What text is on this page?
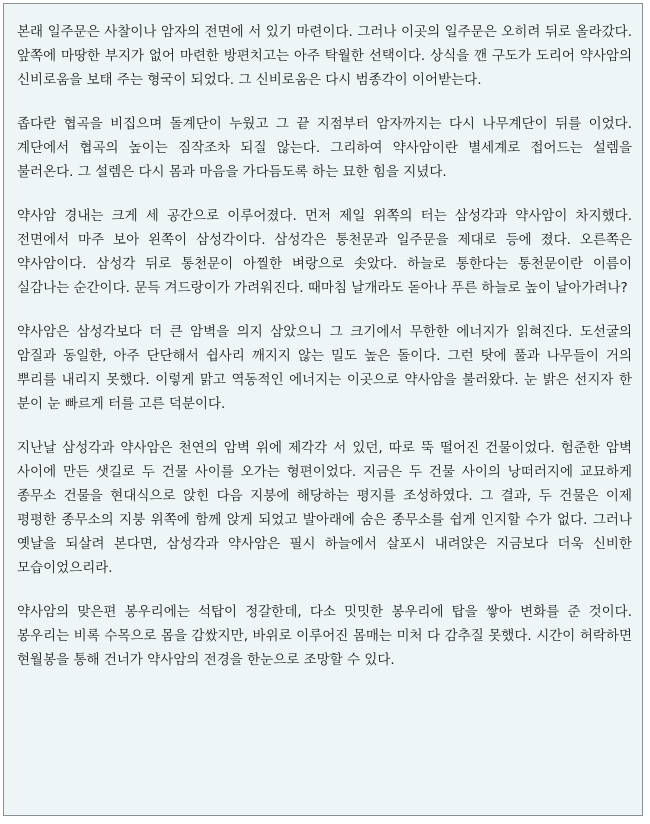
본래 일주문은 사찰이나 암자의 전면에 서 있기 마련이다. 그러나 이곳의 일주문은 오히려 뒤로 올라갔다. 앞쪽에 마땅한 부지가 없어 마련한 방편치고는 아주 탁월한 선택이다. 상식을 깬 구도가 도리어 약사암의 신비로움을 보태 주는 형국이 되었다. 그 신비로움은 다시 범종각이 이어받는다.

좁다란 협곡을 비집으며 돌계단이 누웠고 그 끝 지점부터 암자까지는 다시 나무계단이 뒤를 이었다. 계단에서 협곡의 높이는 짐작조차 되질 않는다. 그리하여 약사암이란 별세계로 접어드는 설렘을 불러온다. 그 설렘은 다시 몸과 마음을 가다듬도록 하는 묘한 힘을 지녔다.

약사암 경내는 크게 세 공간으로 이루어졌다. 먼저 제일 위쪽의 터는 삼성각과 약사암이 차지했다. 전면에서 마주 보아 왼쪽이 삼성각이다. 삼성각은 통천문과 일주문을 제대로 등에 졌다. 오른쪽은 약사암이다. 삼성각 뒤로 통천문이 아찔한 벼랑으로 솟았다. 하늘로 통한다는 통천문이란 이름이 실감나는 순간이다. 문득 겨드랑이가 가려워진다. 때마침 날개라도 돋아나 푸른 하늘로 높이 날아가려나?

약사암은 삼성각보다 더 큰 암벽을 의지 삼았으니 그 크기에서 무한한 에너지가 읽혀진다. 도선굴의 암질과 동일한, 아주 단단해서 쉽사리 깨지지 않는 밀도 높은 돌이다. 그런 탓에 풀과 나무들이 거의 뿌리를 내리지 못했다. 이렇게 맑고 역동적인 에너지는 이곳으로 약사암을 불러왔다. 눈 밝은 선지자 한 분이 눈 빠르게 터를 고른 덕분이다.

지난날 삼성각과 약사암은 천연의 암벽 위에 제각각 서 있던, 따로 뚝 떨어진 건물이었다. 험준한 암벽 사이에 만든 샛길로 두 건물 사이를 오가는 형편이었다. 지금은 두 건물 사이의 낭떠러지에 교묘하게 종무소 건물을 현대식으로 앉힌 다음 지붕에 해당하는 평지를 조성하였다. 그 결과, 두 건물은 이제 평평한 종무소의 지붕 위쪽에 함께 앉게 되었고 발아래에 숨은 종무소를 쉽게 인지할 수가 없다. 그러나 옛날을 되살려 본다면, 삼성각과 약사암은 필시 하늘에서 살포시 내려앉은 지금보다 더욱 신비한 모습이었으리라.

약사암의 맞은편 봉우리에는 석탑이 정갈한데, 다소 밋밋한 봉우리에 탑을 쌓아 변화를 준 것이다. 봉우리는 비록 수목으로 몸을 감쌌지만, 바위로 이루어진 몸매는 미처 다 감추질 못했다. 시간이 허락하면 현월봉을 통해 건너가 약사암의 전경을 한눈으로 조망할 수 있다.
